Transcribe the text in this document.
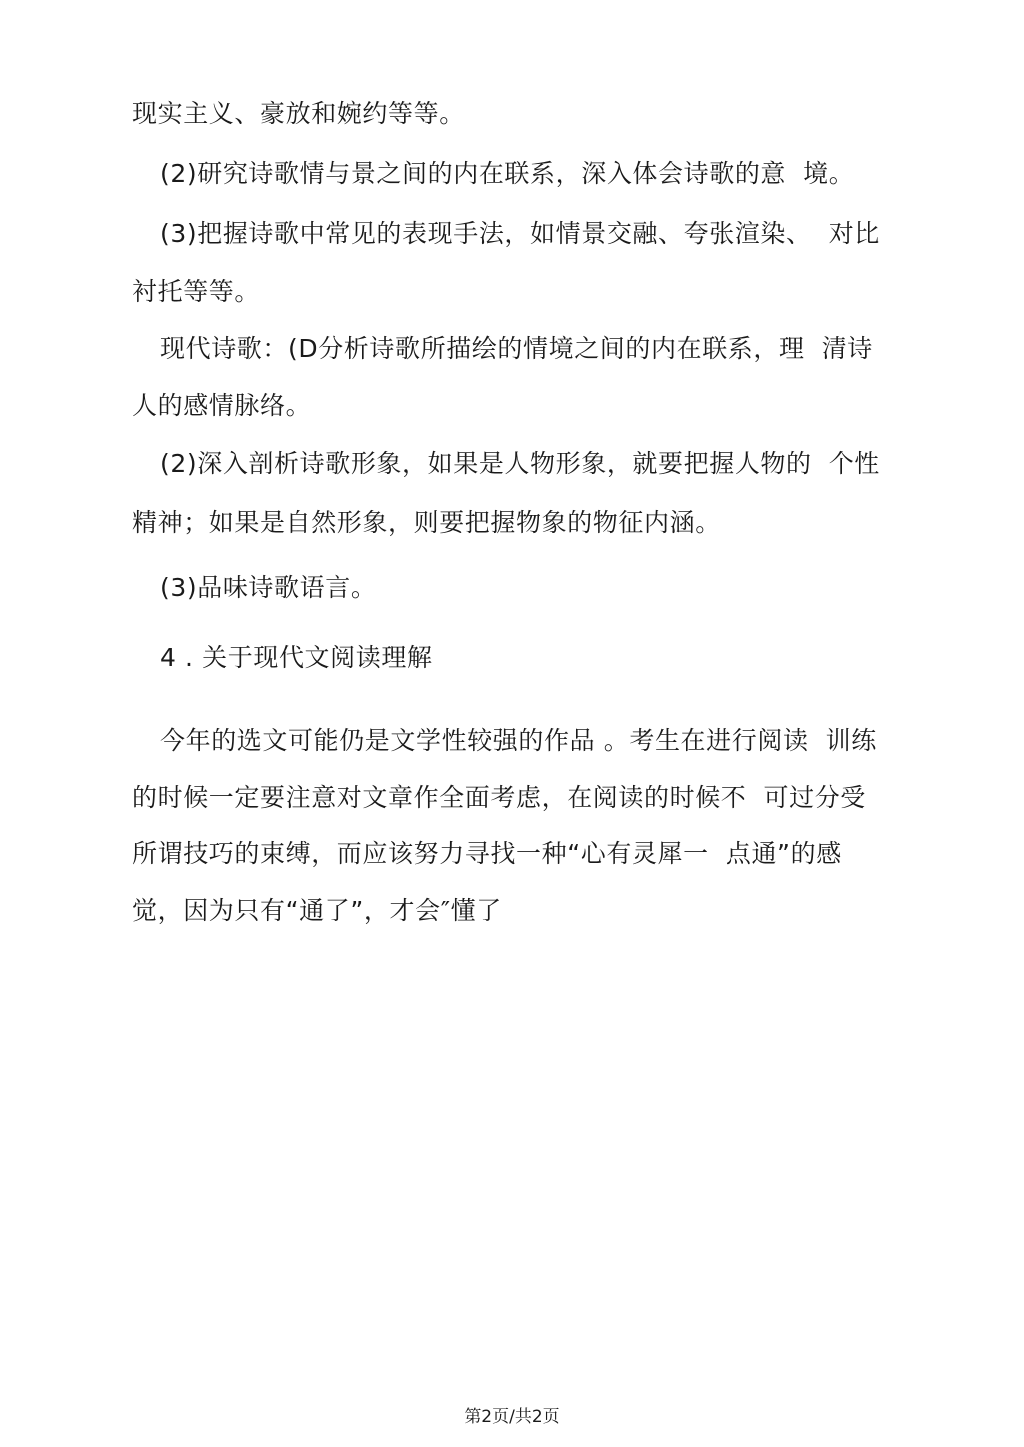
现实主义、豪放和婉约等等。
(2)研究诗歌情与景之间的内在联系，深入体会诗歌的意  境。
(3)把握诗歌中常见的表现手法，如情景交融、夸张渲染、  对比
衬托等等。
现代诗歌：(D分析诗歌所描绘的情境之间的内在联系，理  清诗
人的感情脉络。
(2)深入剖析诗歌形象，如果是人物形象，就要把握人物的  个性
精神；如果是自然形象，则要把握物象的物征内涵。
(3)品味诗歌语言。
4 . 关于现代文阅读理解
今年的选文可能仍是文学性较强的作品 。考生在进行阅读  训练
的时候一定要注意对文章作全面考虑，在阅读的时候不  可过分受
所谓技巧的束缚，而应该努力寻找一种“心有灵犀一  点通”的感
觉，因为只有“通了”，才会″懂了
第2页/共2页
